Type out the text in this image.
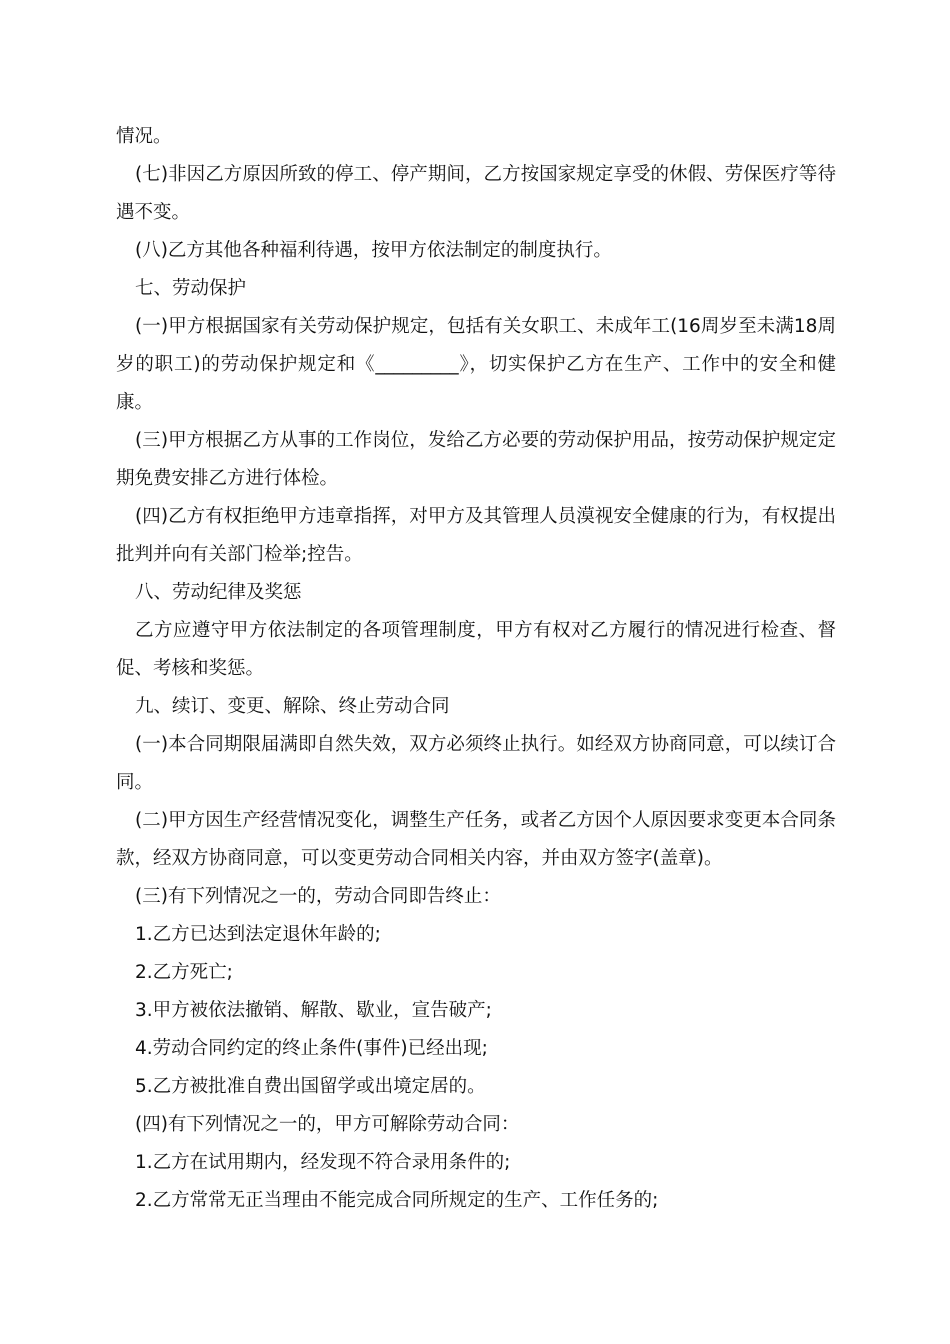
情况。

(七)非因乙方原因所致的停工、停产期间，乙方按国家规定享受的休假、劳保医疗等待遇不变。

(八)乙方其他各种福利待遇，按甲方依法制定的制度执行。

七、劳动保护

(一)甲方根据国家有关劳动保护规定，包括有关女职工、未成年工(16周岁至未满18周岁的职工)的劳动保护规定和《_________》，切实保护乙方在生产、工作中的安全和健康。

(三)甲方根据乙方从事的工作岗位，发给乙方必要的劳动保护用品，按劳动保护规定定期免费安排乙方进行体检。

(四)乙方有权拒绝甲方违章指挥，对甲方及其管理人员漠视安全健康的行为，有权提出批判并向有关部门检举;控告。

八、劳动纪律及奖惩

乙方应遵守甲方依法制定的各项管理制度，甲方有权对乙方履行的情况进行检查、督促、考核和奖惩。

九、续订、变更、解除、终止劳动合同

(一)本合同期限届满即自然失效，双方必须终止执行。如经双方协商同意，可以续订合同。

(二)甲方因生产经营情况变化，调整生产任务，或者乙方因个人原因要求变更本合同条款，经双方协商同意，可以变更劳动合同相关内容，并由双方签字(盖章)。

(三)有下列情况之一的，劳动合同即告终止：

1.乙方已达到法定退休年龄的;

2.乙方死亡;

3.甲方被依法撤销、解散、歇业，宣告破产;

4.劳动合同约定的终止条件(事件)已经出现;

5.乙方被批准自费出国留学或出境定居的。

(四)有下列情况之一的，甲方可解除劳动合同：

1.乙方在试用期内，经发现不符合录用条件的;

2.乙方常常无正当理由不能完成合同所规定的生产、工作任务的;
